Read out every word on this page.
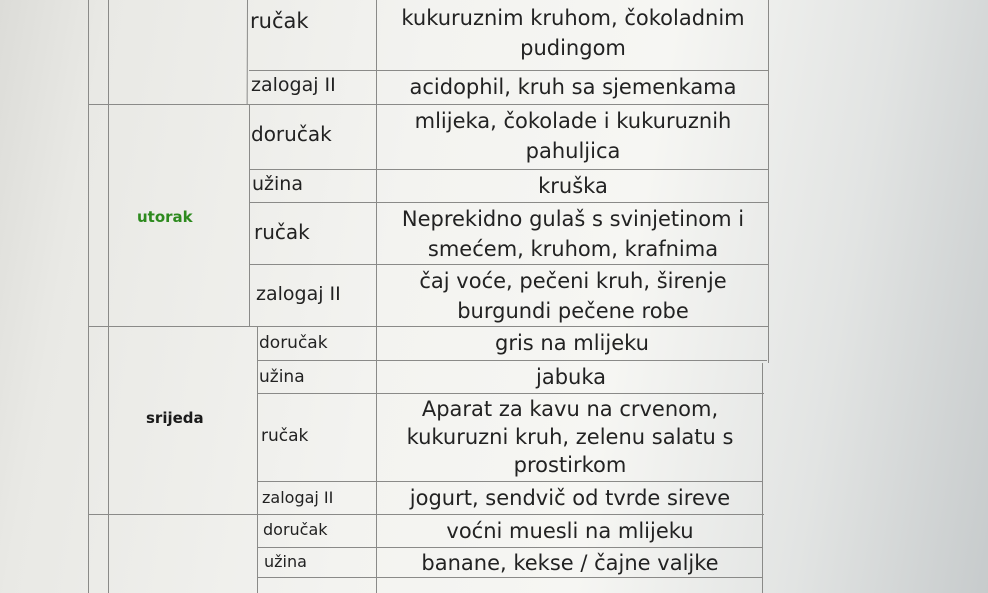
utorak
srijeda
ručak
zalogaj II
doručak
užina
ručak
zalogaj II
doručak
užina
ručak
zalogaj II
doručak
užina
kukuruznim kruhom, čokoladnim
pudingom
acidophil, kruh sa sjemenkama
mlijeka, čokolade i kukuruznih
pahuljica
kruška
Neprekidno gulaš s svinjetinom i
smećem, kruhom, krafnima
čaj voće, pečeni kruh, širenje
burgundi pečene robe
gris na mlijeku
jabuka
Aparat za kavu na crvenom,
kukuruzni kruh, zelenu salatu s
prostirkom
jogurt, sendvič od tvrde sireve
voćni muesli na mlijeku
banane, kekse / čajne valjke
